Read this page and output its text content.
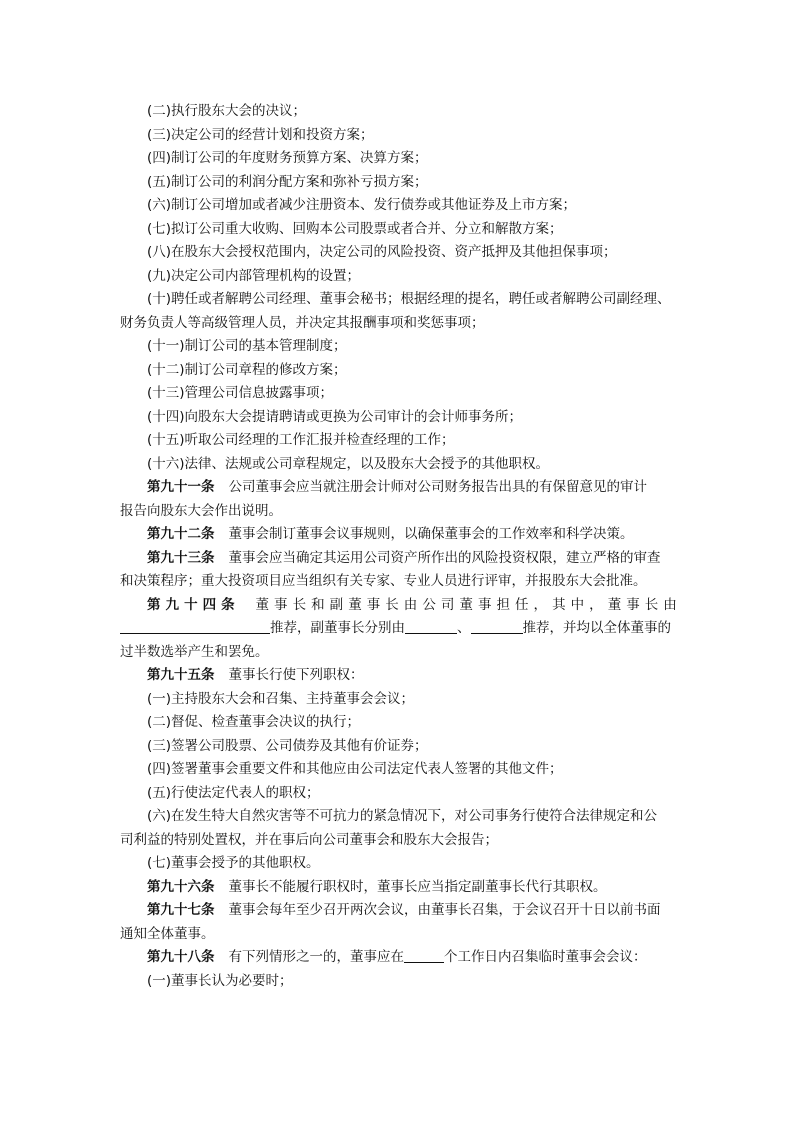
(二)执行股东大会的决议；
(三)决定公司的经营计划和投资方案；
(四)制订公司的年度财务预算方案、决算方案；
(五)制订公司的利润分配方案和弥补亏损方案；
(六)制订公司增加或者减少注册资本、发行债券或其他证券及上市方案；
(七)拟订公司重大收购、回购本公司股票或者合并、分立和解散方案；
(八)在股东大会授权范围内，决定公司的风险投资、资产抵押及其他担保事项；
(九)决定公司内部管理机构的设置；
(十)聘任或者解聘公司经理、董事会秘书；根据经理的提名，聘任或者解聘公司副经理、
财务负责人等高级管理人员，并决定其报酬事项和奖惩事项；
(十一)制订公司的基本管理制度；
(十二)制订公司章程的修改方案；
(十三)管理公司信息披露事项；
(十四)向股东大会提请聘请或更换为公司审计的会计师事务所；
(十五)听取公司经理的工作汇报并检查经理的工作；
(十六)法律、法规或公司章程规定，以及股东大会授予的其他职权。
第九十一条 公司董事会应当就注册会计师对公司财务报告出具的有保留意见的审计
报告向股东大会作出说明。
第九十二条 董事会制订董事会议事规则，以确保董事会的工作效率和科学决策。
第九十三条 董事会应当确定其运用公司资产所作出的风险投资权限，建立严格的审查
和决策程序；重大投资项目应当组织有关专家、专业人员进行评审，并报股东大会批准。
第九十四条 董事长和副董事长由公司董事担任，其中，董事长由
推荐，副董事长分别由	、	推荐，并均以全体董事的
过半数选举产生和罢免。
第九十五条 董事长行使下列职权：
(一)主持股东大会和召集、主持董事会会议；
(二)督促、检查董事会决议的执行；
(三)签署公司股票、公司债券及其他有价证券；
(四)签署董事会重要文件和其他应由公司法定代表人签署的其他文件；
(五)行使法定代表人的职权；
(六)在发生特大自然灾害等不可抗力的紧急情况下，对公司事务行使符合法律规定和公
司利益的特别处置权，并在事后向公司董事会和股东大会报告；
(七)董事会授予的其他职权。
第九十六条 董事长不能履行职权时，董事长应当指定副董事长代行其职权。
第九十七条 董事会每年至少召开两次会议，由董事长召集，于会议召开十日以前书面
通知全体董事。
第九十八条 有下列情形之一的，董事应在	个工作日内召集临时董事会会议：
(一)董事长认为必要时；
